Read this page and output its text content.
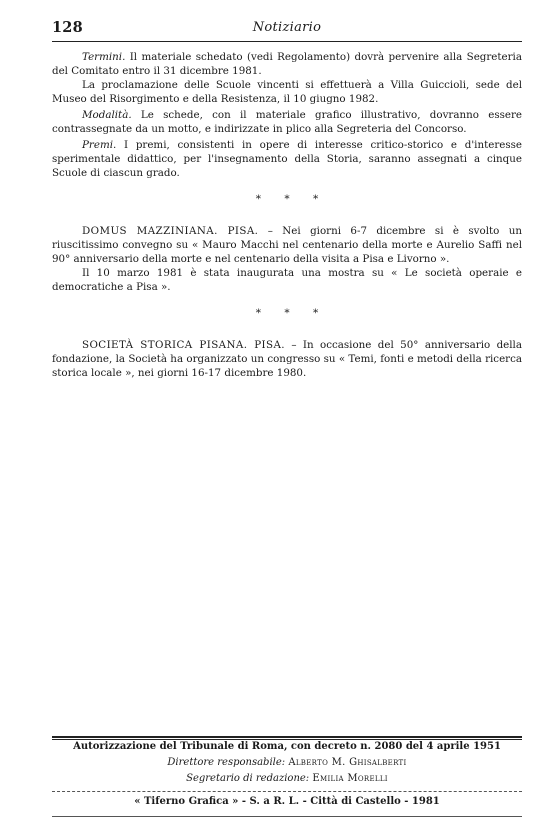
128	Notiziario

Termini. Il materiale schedato (vedi Regolamento) dovrà pervenire alla Segreteria del Comitato entro il 31 dicembre 1981.

La proclamazione delle Scuole vincenti si effettuerà a Villa Guiccioli, sede del Museo del Risorgimento e della Resistenza, il 10 giugno 1982.

Modalità. Le schede, con il materiale grafico illustrativo, dovranno essere contrassegnate da un motto, e indirizzate in plico alla Segreteria del Concorso.

Premi. I premi, consistenti in opere di interesse critico-storico e d'interesse sperimentale didattico, per l'insegnamento della Storia, saranno assegnati a cinque Scuole di ciascun grado.

* * *

DOMUS MAZZINIANA. PISA. – Nei giorni 6-7 dicembre si è svolto un riuscitissimo convegno su « Mauro Macchi nel centenario della morte e Aurelio Saffi nel 90° anniversario della morte e nel centenario della visita a Pisa e Livorno ».

Il 10 marzo 1981 è stata inaugurata una mostra su « Le società operaie e democratiche a Pisa ».

* * *

SOCIETÀ STORICA PISANA. PISA. – In occasione del 50° anniversario della fondazione, la Società ha organizzato un congresso su « Temi, fonti e metodi della ricerca storica locale », nei giorni 16-17 dicembre 1980.

Autorizzazione del Tribunale di Roma, con decreto n. 2080 del 4 aprile 1951
Direttore responsabile: Alberto M. Ghisalberti
Segretario di redazione: Emilia Morelli
« Tiferno Grafica » - S. a R. L. - Città di Castello - 1981
